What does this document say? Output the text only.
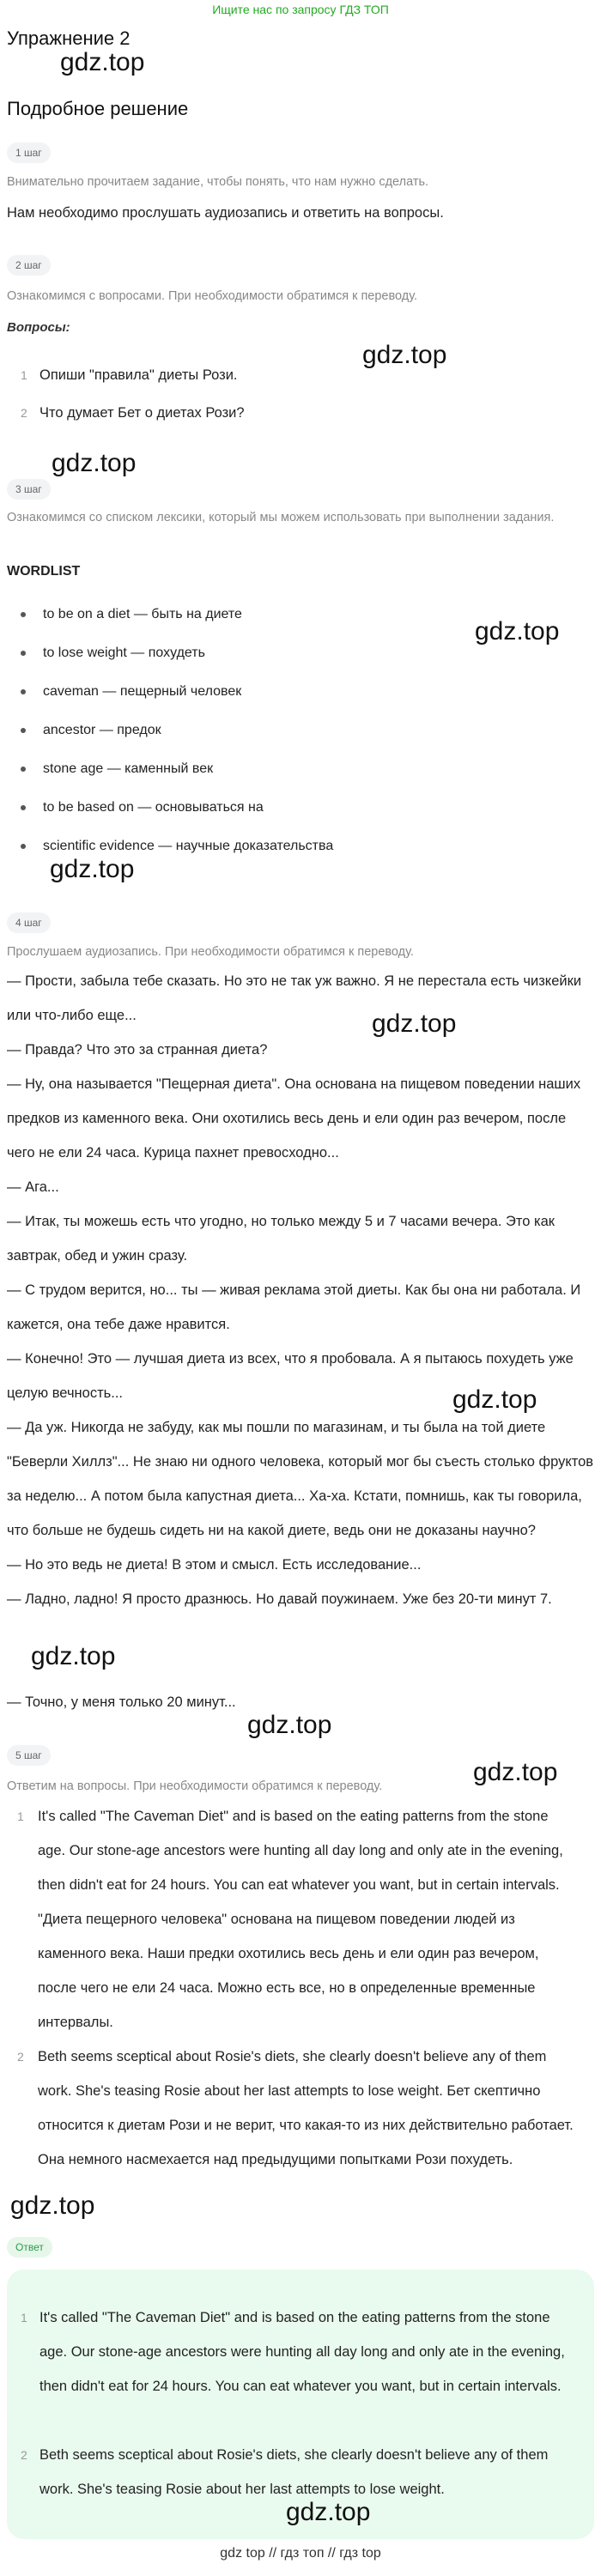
Ищите нас по запросу ГДЗ ТОП
Упражнение 2
gdz.top
Подробное решение
1 шаг
Внимательно прочитаем задание, чтобы понять, что нам нужно сделать.
Нам необходимо прослушать аудиозапись и ответить на вопросы.
2 шаг
Ознакомимся с вопросами. При необходимости обратимся к переводу.
Вопросы:
gdz.top
1 Опиши "правила" диеты Рози.
2 Что думает Бет о диетах Рози?
gdz.top
3 шаг
Ознакомимся со списком лексики, который мы можем использовать при выполнении задания.
WORDLIST
to be on a diet — быть на диете
to lose weight — похудеть
gdz.top
caveman — пещерный человек
ancestor — предок
stone age — каменный век
to be based on — основываться на
scientific evidence — научные доказательства
gdz.top
4 шаг
Прослушаем аудиозапись. При необходимости обратимся к переводу.
— Прости, забыла тебе сказать. Но это не так уж важно. Я не перестала есть чизкейки или что-либо еще...	gdz.top
— Правда? Что это за странная диета?
— Ну, она называется "Пещерная диета". Она основана на пищевом поведении наших предков из каменного века. Они охотились весь день и ели один раз вечером, после чего не ели 24 часа. Курица пахнет превосходно...
— Ага...
— Итак, ты можешь есть что угодно, но только между 5 и 7 часами вечера. Это как завтрак, обед и ужин сразу.
— С трудом верится, но... ты — живая реклама этой диеты. Как бы она ни работала. И кажется, она тебе даже нравится.
— Конечно! Это — лучшая диета из всех, что я пробовала. А я пытаюсь похудеть уже целую вечность...	gdz.top
— Да уж. Никогда не забуду, как мы пошли по магазинам, и ты была на той диете "Беверли Хиллз"... Не знаю ни одного человека, который мог бы съесть столько фруктов за неделю... А потом была капустная диета... Ха-ха. Кстати, помнишь, как ты говорила, что больше не будешь сидеть ни на какой диете, ведь они не доказаны научно?
— Но это ведь не диета! В этом и смысл. Есть исследование...
— Ладно, ладно! Я просто дразнюсь. Но давай поужинаем. Уже без 20-ти минут 7.
gdz.top
— Точно, у меня только 20 минут...
gdz.top
5 шаг
gdz.top
Ответим на вопросы. При необходимости обратимся к переводу.
1 It's called "The Caveman Diet" and is based on the eating patterns from the stone age. Our stone-age ancestors were hunting all day long and only ate in the evening, then didn't eat for 24 hours. You can eat whatever you want, but in certain intervals. "Диета пещерного человека" основана на пищевом поведении людей из каменного века. Наши предки охотились весь день и ели один раз вечером, после чего не ели 24 часа. Можно есть все, но в определенные временные интервалы.
2 Beth seems sceptical about Rosie's diets, she clearly doesn't believe any of them work. She's teasing Rosie about her last attempts to lose weight. Бет скептично относится к диетам Рози и не верит, что какая-то из них действительно работает. Она немного насмехается над предыдущими попытками Рози похудеть.
gdz.top
Ответ
1 It's called "The Caveman Diet" and is based on the eating patterns from the stone age. Our stone-age ancestors were hunting all day long and only ate in the evening, then didn't eat for 24 hours. You can eat whatever you want, but in certain intervals.
2 Beth seems sceptical about Rosie's diets, she clearly doesn't believe any of them work. She's teasing Rosie about her last attempts to lose weight.
gdz.top
gdz top // гдз топ // гдз top
